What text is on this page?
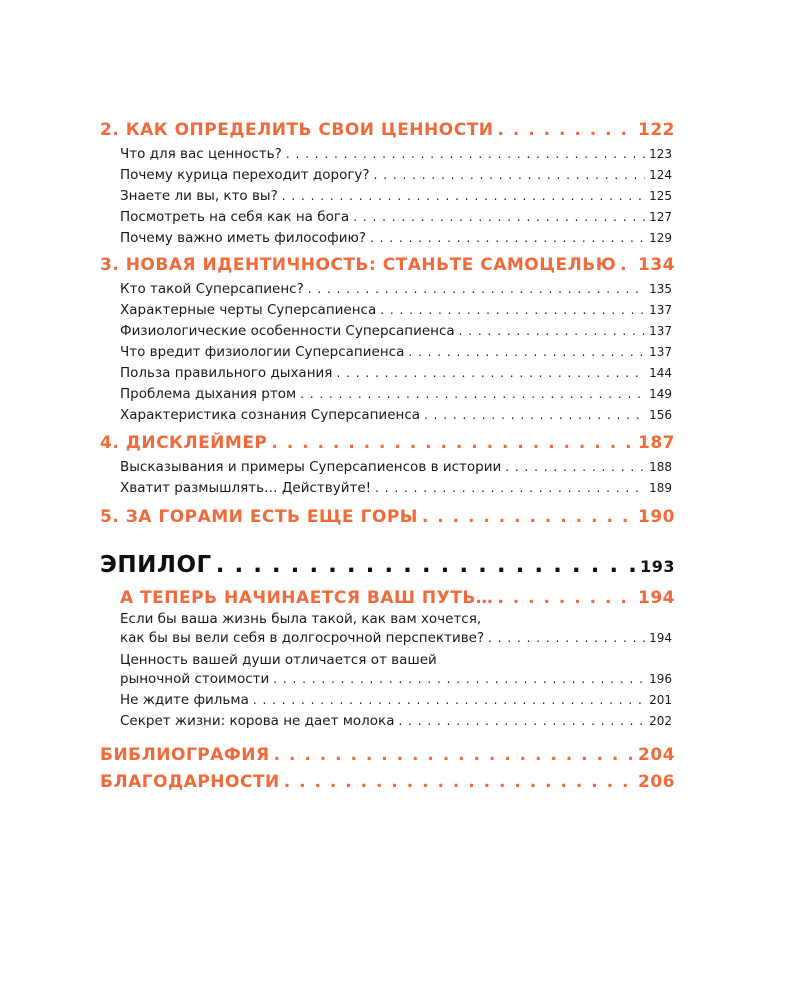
2. КАК ОПРЕДЕЛИТЬ СВОИ ЦЕННОСТИ . . .	122
Что для вас ценность? . . .	123
Почему курица переходит дорогу? . . .	124
Знаете ли вы, кто вы? . . .	125
Посмотреть на себя как на бога . . .	127
Почему важно иметь философию? . . .	129
3. НОВАЯ ИДЕНТИЧНОСТЬ: СТАНЬТЕ САМОЦЕЛЬЮ . . . 134
Кто такой Суперсапиенс? . . .	135
Характерные черты Суперсапиенса . . .	137
Физиологические особенности Суперсапиенса . . .	137
Что вредит физиологии Суперсапиенса . . .	137
Польза правильного дыхания . . .	144
Проблема дыхания ртом . . .	149
Характеристика сознания Суперсапиенса . . .	156
4. ДИСКЛЕЙМЕР . . .	187
Высказывания и примеры Суперсапиенсов в истории . . .	188
Хватит размышлять… Действуйте! . . .	189
5. ЗА ГОРАМИ ЕСТЬ ЕЩЕ ГОРЫ . . .	190
ЭПИЛОГ . . .	193
А ТЕПЕРЬ НАЧИНАЕТСЯ ВАШ ПУТЬ… . . .	194
Если бы ваша жизнь была такой, как вам хочется,
как бы вы вели себя в долгосрочной перспективе? . . .	194
Ценность вашей души отличается от вашей
рыночной стоимости . . .	196
Не ждите фильма . . .	201
Секрет жизни: корова не дает молока . . .	202
БИБЛИОГРАФИЯ . . .	204
БЛАГОДАРНОСТИ . . .	206
